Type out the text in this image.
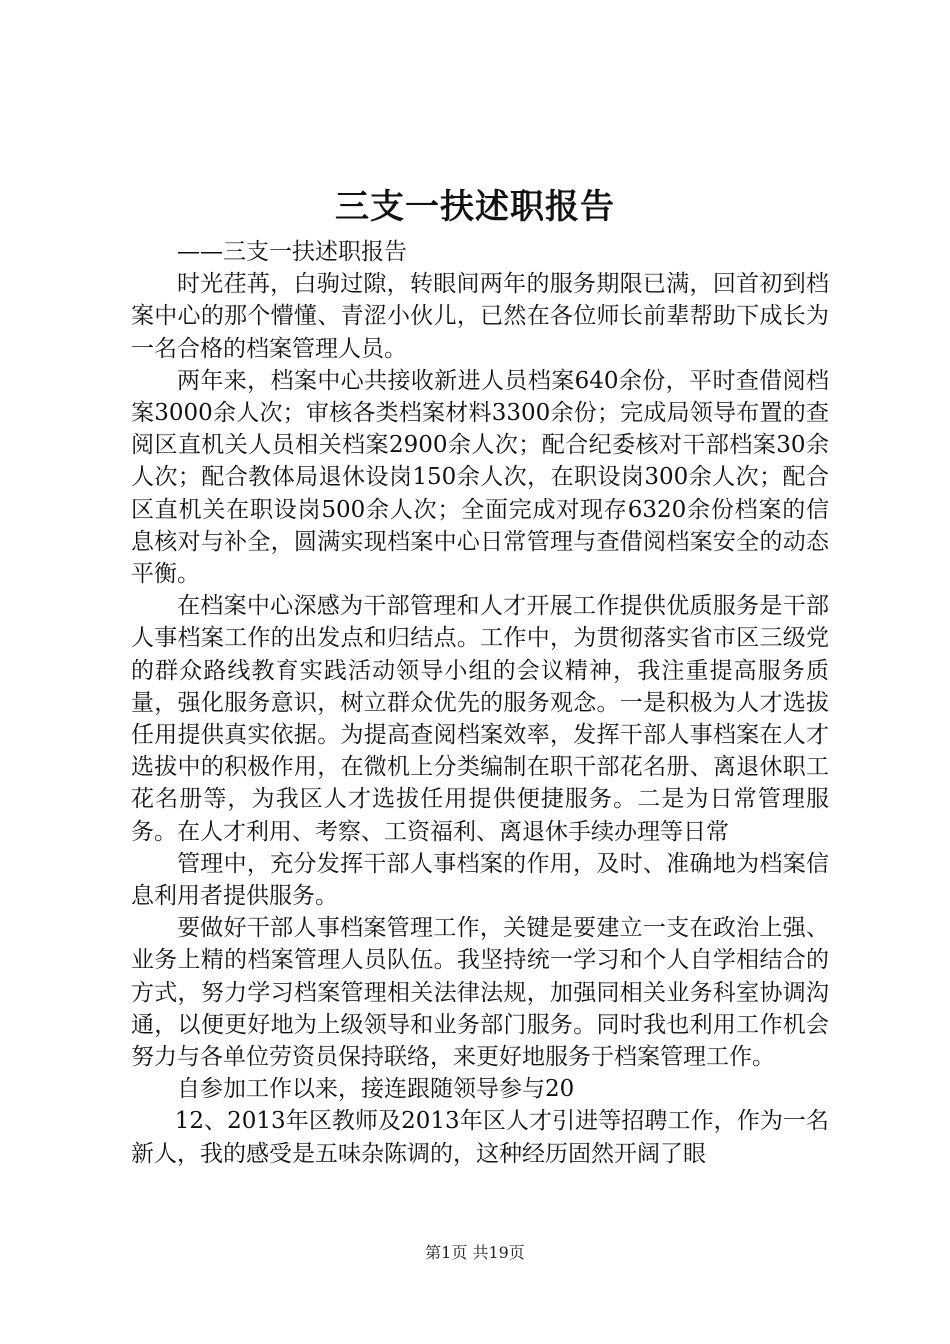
三支一扶述职报告

——三支一扶述职报告

时光荏苒，白驹过隙，转眼间两年的服务期限已满，回首初到档案中心的那个懵懂、青涩小伙儿，已然在各位师长前辈帮助下成长为一名合格的档案管理人员。

两年来，档案中心共接收新进人员档案640余份，平时查借阅档案3000余人次；审核各类档案材料3300余份；完成局领导布置的查阅区直机关人员相关档案2900余人次；配合纪委核对干部档案30余人次；配合教体局退休设岗150余人次，在职设岗300余人次；配合区直机关在职设岗500余人次；全面完成对现存6320余份档案的信息核对与补全，圆满实现档案中心日常管理与查借阅档案安全的动态平衡。

在档案中心深感为干部管理和人才开展工作提供优质服务是干部人事档案工作的出发点和归结点。工作中，为贯彻落实省市区三级党的群众路线教育实践活动领导小组的会议精神，我注重提高服务质量，强化服务意识，树立群众优先的服务观念。一是积极为人才选拔任用提供真实依据。为提高查阅档案效率，发挥干部人事档案在人才选拔中的积极作用，在微机上分类编制在职干部花名册、离退休职工花名册等，为我区人才选拔任用提供便捷服务。二是为日常管理服务。在人才利用、考察、工资福利、离退休手续办理等日常

管理中，充分发挥干部人事档案的作用，及时、准确地为档案信息利用者提供服务。

要做好干部人事档案管理工作，关键是要建立一支在政治上强、业务上精的档案管理人员队伍。我坚持统一学习和个人自学相结合的方式，努力学习档案管理相关法律法规，加强同相关业务科室协调沟通，以便更好地为上级领导和业务部门服务。同时我也利用工作机会努力与各单位劳资员保持联络，来更好地服务于档案管理工作。

自参加工作以来，接连跟随领导参与20

12、2013年区教师及2013年区人才引进等招聘工作，作为一名新人，我的感受是五味杂陈调的，这种经历固然开阔了眼

第1页 共19页
